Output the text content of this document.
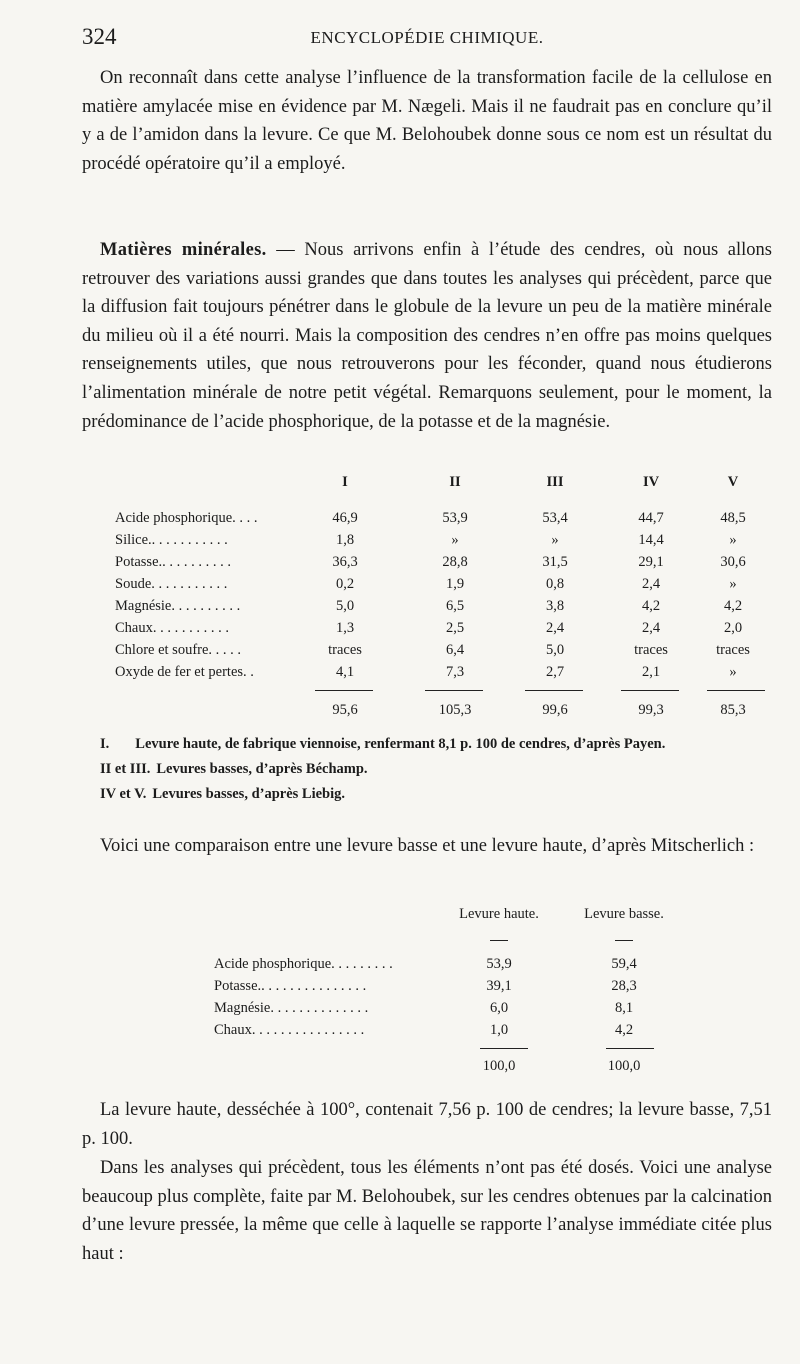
324	ENCYCLOPÉDIE CHIMIQUE.

On reconnaît dans cette analyse l’influence de la transformation facile de la cellulose en matière amylacée mise en évidence par M. Nægeli. Mais il ne faudrait pas en conclure qu’il y a de l’amidon dans la levure. Ce que M. Belohoubek donne sous ce nom est un résultat du procédé opératoire qu’il a employé.

Matières minérales. — Nous arrivons enfin à l’étude des cendres, où nous allons retrouver des variations aussi grandes que dans toutes les analyses qui précèdent, parce que la diffusion fait toujours pénétrer dans le globule de la levure un peu de la matière minérale du milieu où il a été nourri. Mais la composition des cendres n’en offre pas moins quelques renseignements utiles, que nous retrouverons pour les féconder, quand nous étudierons l’alimentation minérale de notre petit végétal. Remarquons seulement, pour le moment, la prédominance de l’acide phosphorique, de la potasse et de la magnésie.

I	II	III	IV	V
Acide phosphorique. . . .	46,9	53,9	53,4	44,7	48,5
Silice.. . . . . . . . . . .	1,8	»	»	14,4	»
Potasse.. . . . . . . . . .	36,3	28,8	31,5	29,1	30,6
Soude. . . . . . . . . . .	0,2	1,9	0,8	2,4	»
Magnésie. . . . . . . . . .	5,0	6,5	3,8	4,2	4,2
Chaux. . . . . . . . . . .	1,3	2,5	2,4	2,4	2,0
Chlore et soufre. . . . .	traces	6,4	5,0	traces	traces
Oxyde de fer et pertes. .	4,1	7,3	2,7	2,1	»
95,6	105,3	99,6	99,3	85,3
I. Levure haute, de fabrique viennoise, renfermant 8,1 p. 100 de cendres, d’après Payen.
II et III. Levures basses, d’après Béchamp.
IV et V. Levures basses, d’après Liebig.

Voici une comparaison entre une levure basse et une levure haute, d’après Mitscherlich :

Levure haute.	Levure basse.
Acide phosphorique. . . . . . . . .	53,9	59,4
Potasse.. . . . . . . . . . . . . . .	39,1	28,3
Magnésie. . . . . . . . . . . . . .	6,0	8,1
Chaux. . . . . . . . . . . . . . . .	1,0	4,2
100,0	100,0

La levure haute, desséchée à 100°, contenait 7,56 p. 100 de cendres; la levure basse, 7,51 p. 100.

Dans les analyses qui précèdent, tous les éléments n’ont pas été dosés. Voici une analyse beaucoup plus complète, faite par M. Belohoubek, sur les cendres obtenues par la calcination d’une levure pressée, la même que celle à laquelle se rapporte l’analyse immédiate citée plus haut :
